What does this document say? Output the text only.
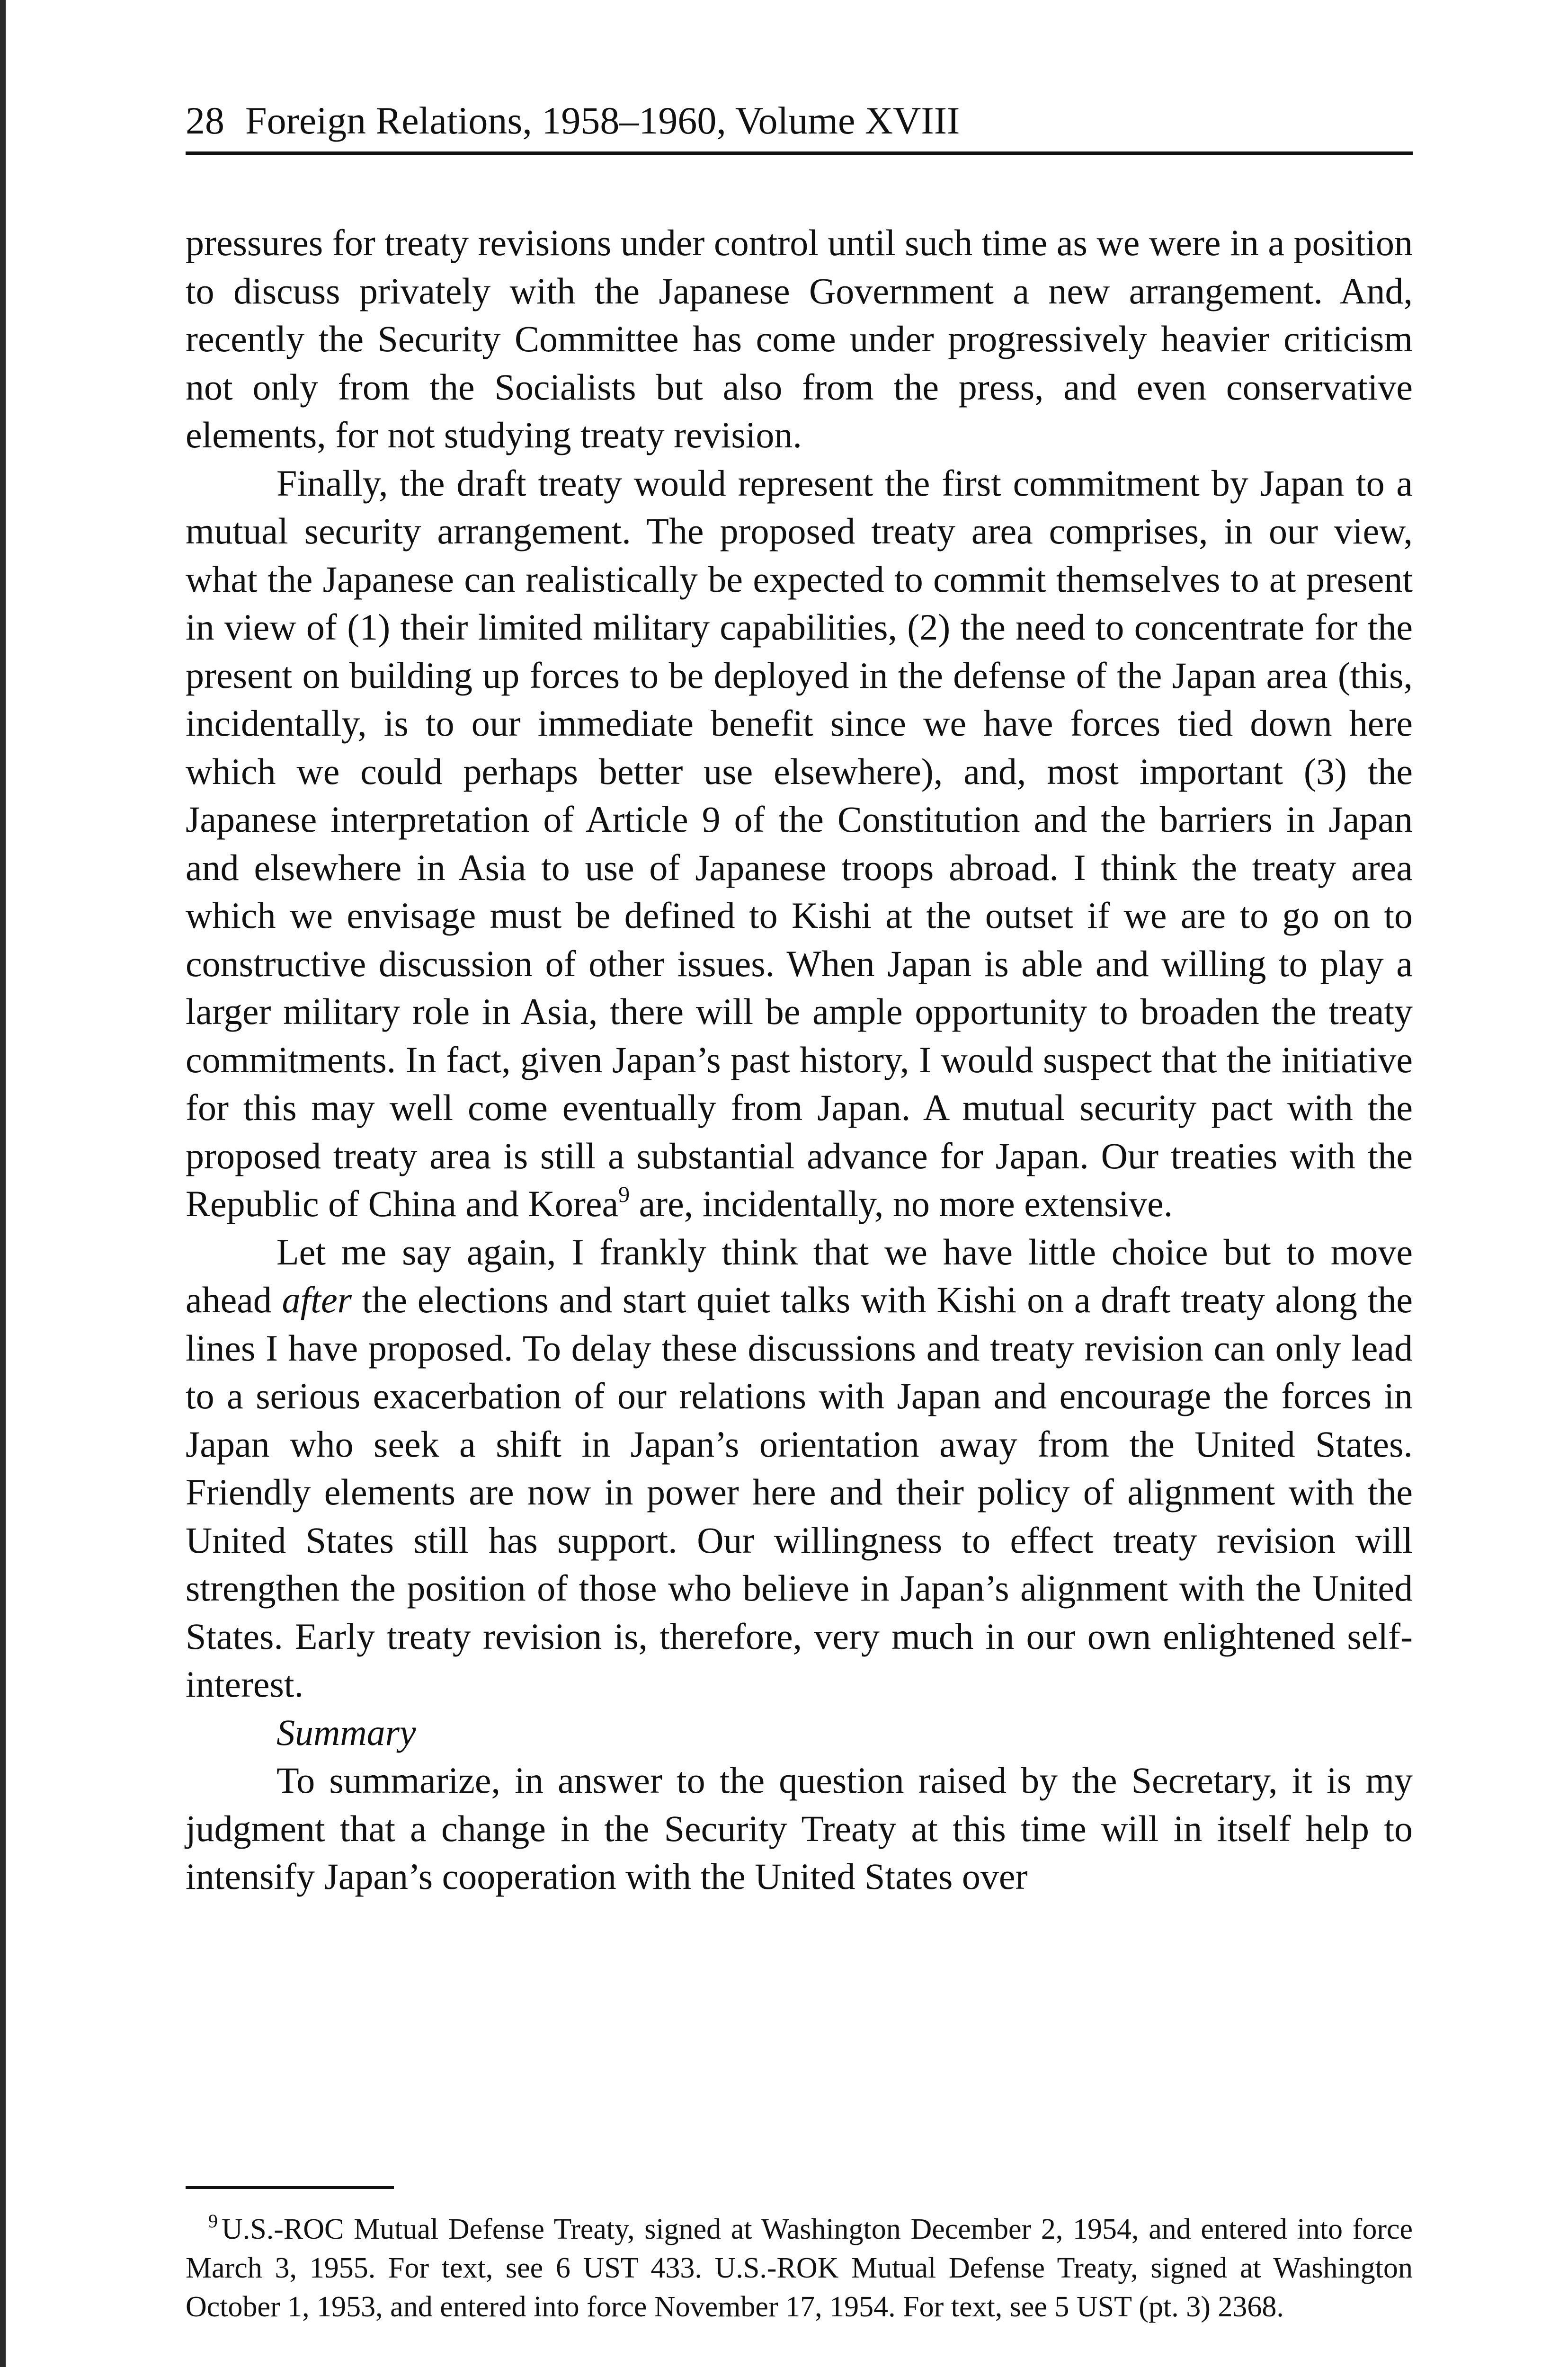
28 Foreign Relations, 1958–1960, Volume XVIII

pressures for treaty revisions under control until such time as we were in a position to discuss privately with the Japanese Government a new arrangement. And, recently the Security Committee has come under progressively heavier criticism not only from the Socialists but also from the press, and even conservative elements, for not studying treaty revision.

Finally, the draft treaty would represent the first commitment by Japan to a mutual security arrangement. The proposed treaty area comprises, in our view, what the Japanese can realistically be expected to commit themselves to at present in view of (1) their limited military capabilities, (2) the need to concentrate for the present on building up forces to be deployed in the defense of the Japan area (this, incidentally, is to our immediate benefit since we have forces tied down here which we could perhaps better use elsewhere), and, most important (3) the Japanese interpretation of Article 9 of the Constitution and the barriers in Japan and elsewhere in Asia to use of Japanese troops abroad. I think the treaty area which we envisage must be defined to Kishi at the outset if we are to go on to constructive discussion of other issues. When Japan is able and willing to play a larger military role in Asia, there will be ample opportunity to broaden the treaty commitments. In fact, given Japan’s past history, I would suspect that the initiative for this may well come eventually from Japan. A mutual security pact with the proposed treaty area is still a substantial advance for Japan. Our treaties with the Republic of China and Korea$^9$ are, incidentally, no more extensive.

Let me say again, I frankly think that we have little choice but to move ahead after the elections and start quiet talks with Kishi on a draft treaty along the lines I have proposed. To delay these discussions and treaty revision can only lead to a serious exacerbation of our relations with Japan and encourage the forces in Japan who seek a shift in Japan’s orientation away from the United States. Friendly elements are now in power here and their policy of alignment with the United States still has support. Our willingness to effect treaty revision will strengthen the position of those who believe in Japan’s alignment with the United States. Early treaty revision is, therefore, very much in our own enlightened self-interest.

Summary

To summarize, in answer to the question raised by the Secretary, it is my judgment that a change in the Security Treaty at this time will in itself help to intensify Japan’s cooperation with the United States over

$^9$ U.S.-ROC Mutual Defense Treaty, signed at Washington December 2, 1954, and entered into force March 3, 1955. For text, see 6 UST 433. U.S.-ROK Mutual Defense Treaty, signed at Washington October 1, 1953, and entered into force November 17, 1954. For text, see 5 UST (pt. 3) 2368.
